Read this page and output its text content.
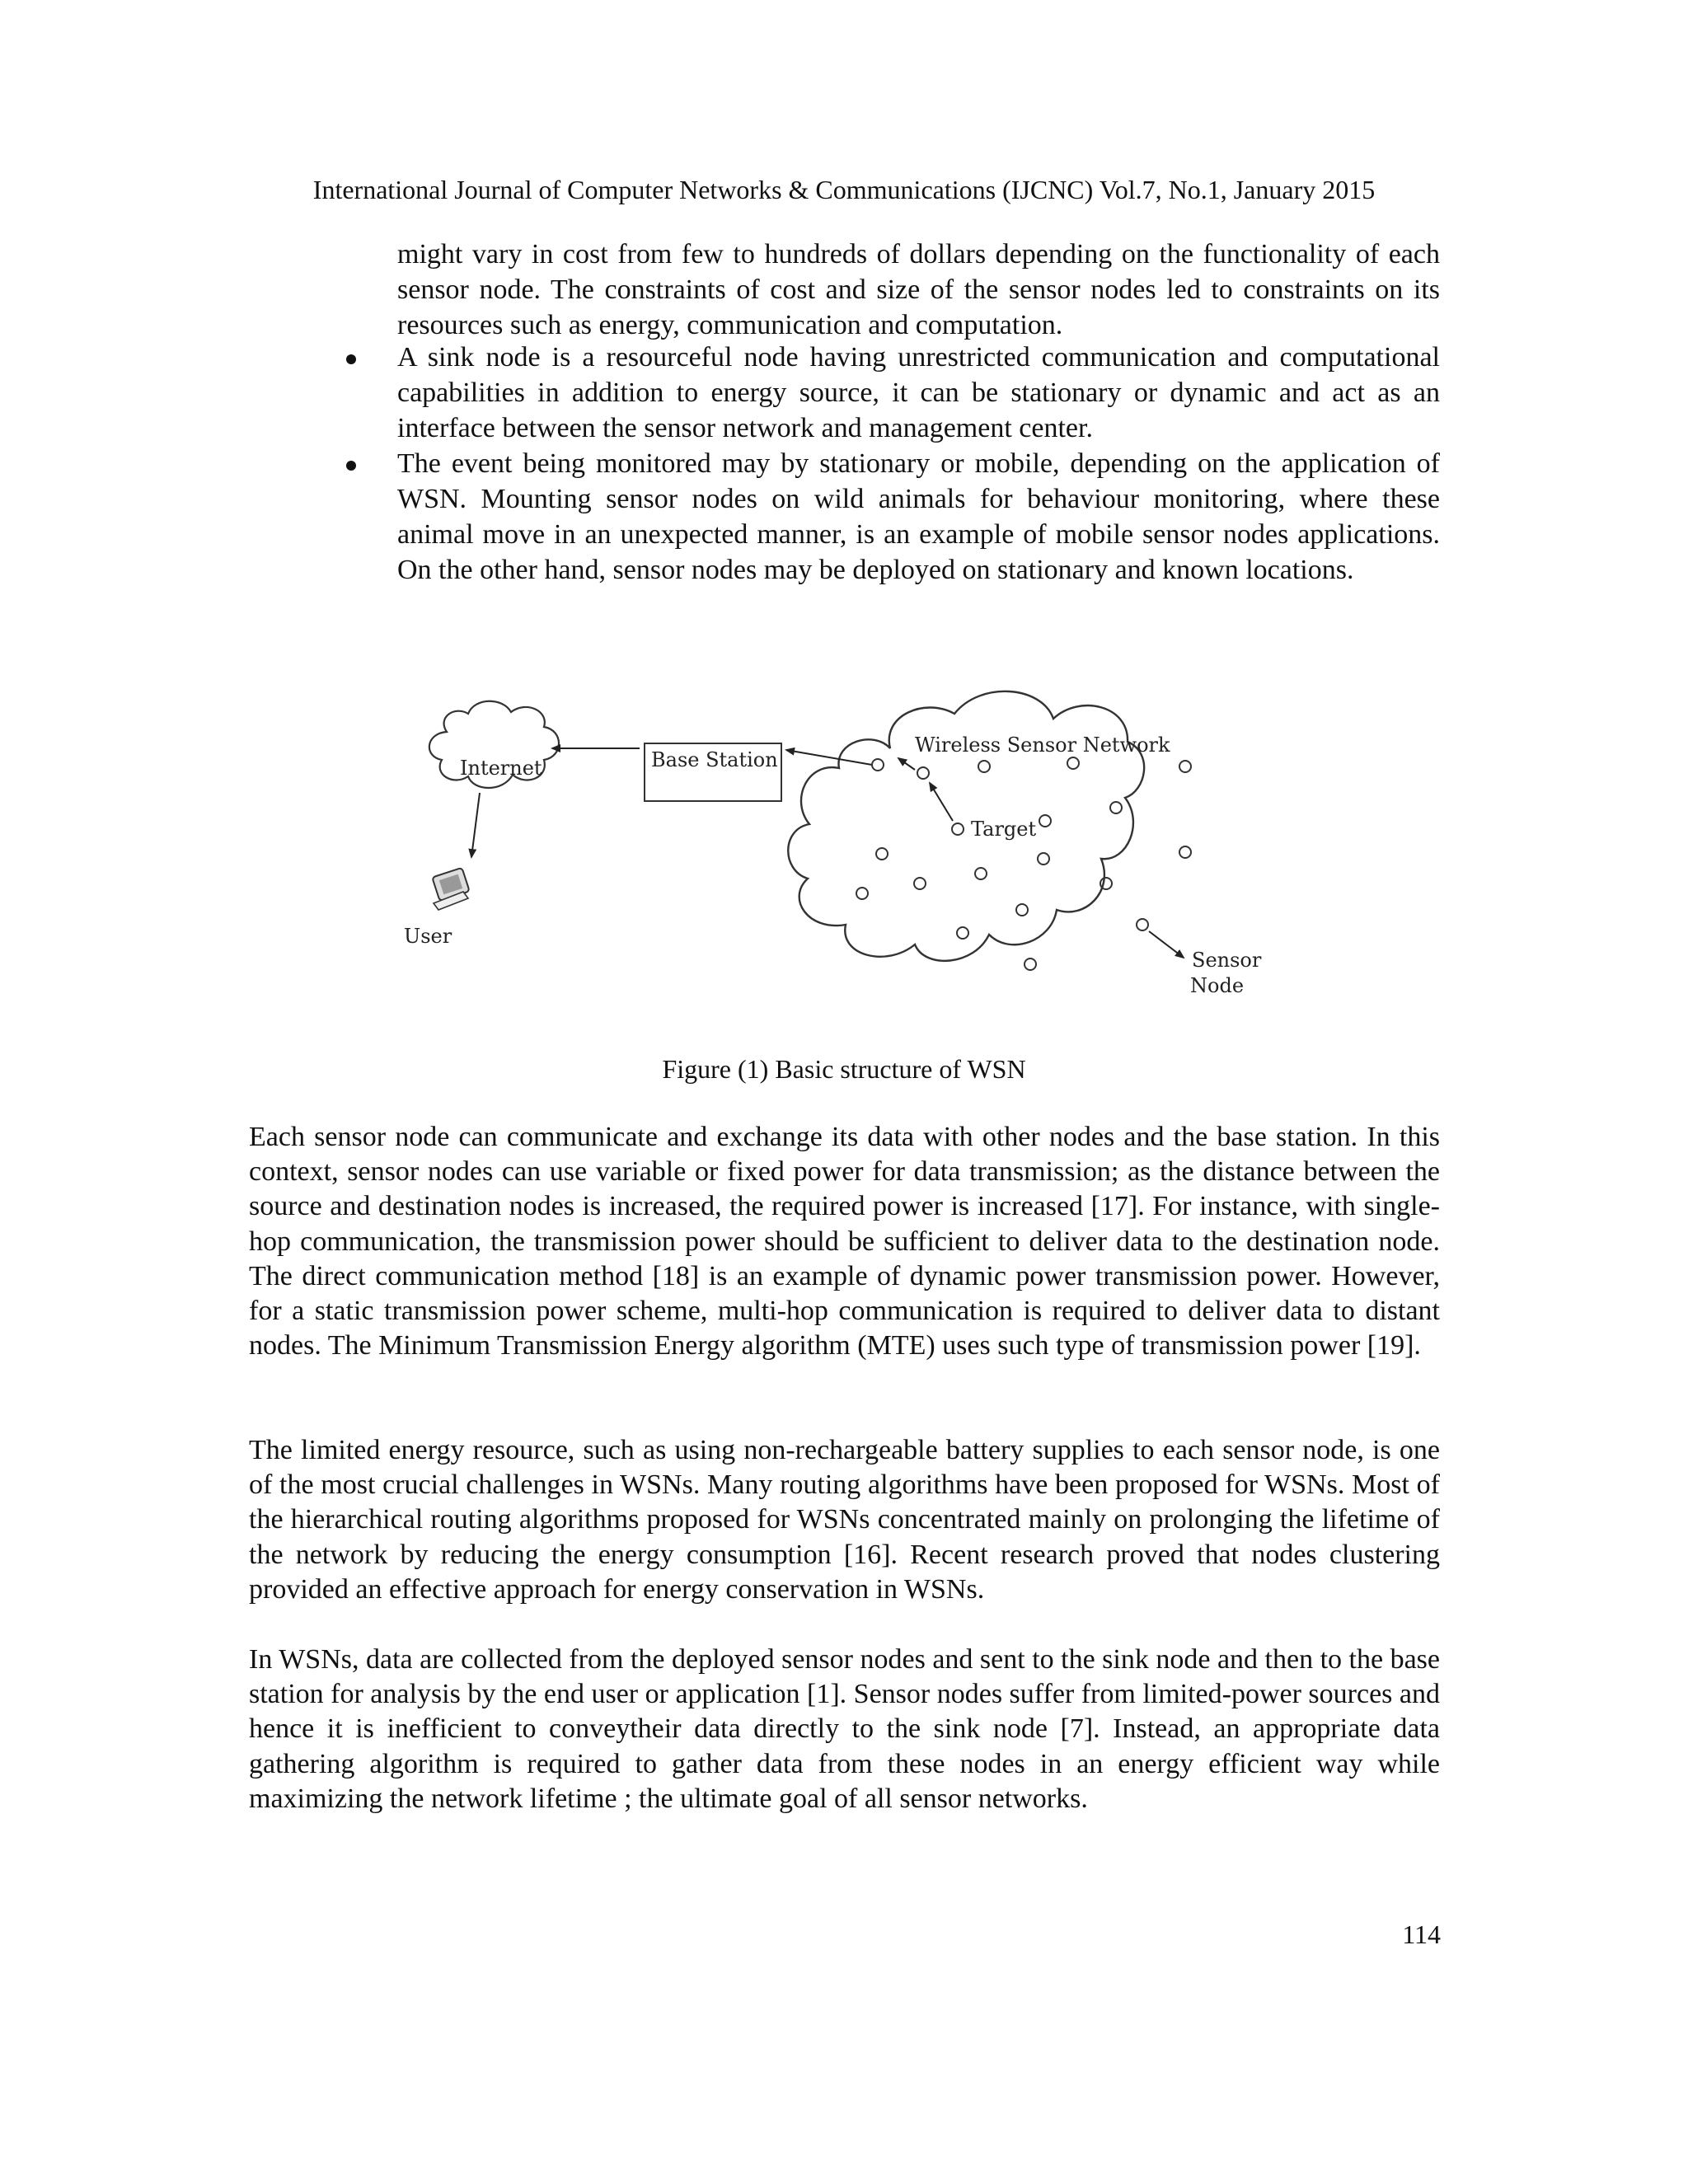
International Journal of Computer Networks & Communications (IJCNC) Vol.7, No.1, January 2015
might vary in cost from few to hundreds of dollars depending on the functionality of each sensor node. The constraints of cost and size of the sensor nodes led to constraints on its resources such as energy, communication and computation.
A sink node is a resourceful node having unrestricted communication and computational capabilities in addition to energy source, it can be stationary or dynamic and act as an interface between the sensor network and management center.
The event being monitored may by stationary or mobile, depending on the application of WSN. Mounting sensor nodes on wild animals for behaviour monitoring, where these animal move in an unexpected manner, is an example of mobile sensor nodes applications. On the other hand, sensor nodes may be deployed on stationary and known locations.
Internet	Base Station
User
Wireless Sensor Network
Target
Sensor
Node
Figure (1) Basic structure of WSN

Each sensor node can communicate and exchange its data with other nodes and the base station. In this context, sensor nodes can use variable or fixed power for data transmission; as the distance between the source and destination nodes is increased, the required power is increased [17]. For instance, with single-hop communication, the transmission power should be sufficient to deliver data to the destination node. The direct communication method [18] is an example of dynamic power transmission power. However, for a static transmission power scheme, multi-hop communication is required to deliver data to distant nodes. The Minimum Transmission Energy algorithm (MTE) uses such type of transmission power [19].

The limited energy resource, such as using non-rechargeable battery supplies to each sensor node, is one of the most crucial challenges in WSNs. Many routing algorithms have been proposed for WSNs. Most of the hierarchical routing algorithms proposed for WSNs concentrated mainly on prolonging the lifetime of the network by reducing the energy consumption [16]. Recent research proved that nodes clustering provided an effective approach for energy conservation in WSNs.

In WSNs, data are collected from the deployed sensor nodes and sent to the sink node and then to the base station for analysis by the end user or application [1]. Sensor nodes suffer from limited-power sources and hence it is inefficient to conveytheir data directly to the sink node [7]. Instead, an appropriate data gathering algorithm is required to gather data from these nodes in an energy efficient way while maximizing the network lifetime ; the ultimate goal of all sensor networks.

114
